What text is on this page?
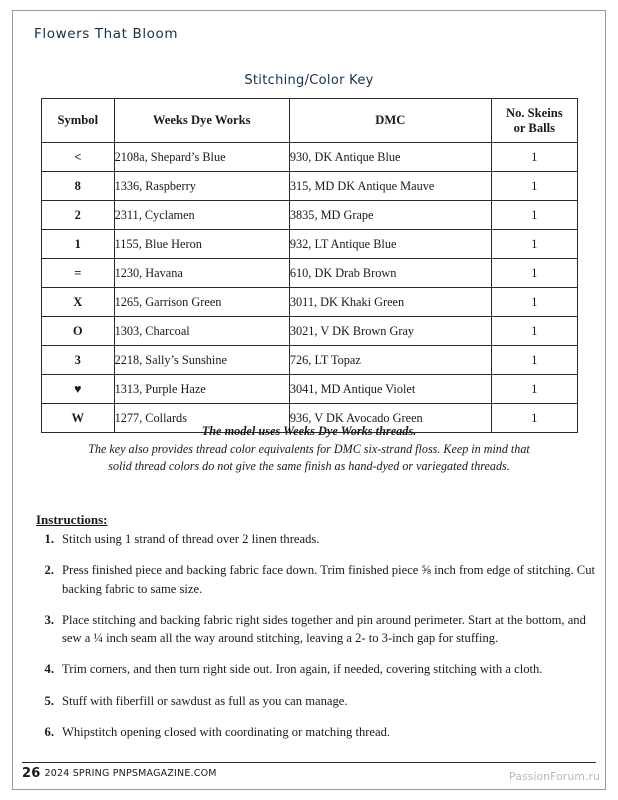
Flowers That Bloom
Stitching/Color Key
Symbol	Weeks Dye Works	DMC	No. Skeins
or Balls
<	2108a, Shepard’s Blue	930, DK Antique Blue	1
8	1336, Raspberry	315, MD DK Antique Mauve	1
2	2311, Cyclamen	3835, MD Grape	1
1	1155, Blue Heron	932, LT Antique Blue	1
=	1230, Havana	610, DK Drab Brown	1
X	1265, Garrison Green	3011, DK Khaki Green	1
O	1303, Charcoal	3021, V DK Brown Gray	1
3	2218, Sally’s Sunshine	726, LT Topaz	1
♥	1313, Purple Haze	3041, MD Antique Violet	1
W	1277, Collards	936, V DK Avocado Green	1
The model uses Weeks Dye Works threads.
The key also provides thread color equivalents for DMC six-strand floss. Keep in mind that solid thread colors do not give the same finish as hand-dyed or variegated threads.
Instructions:
1. Stitch using 1 strand of thread over 2 linen threads.
2. Press finished piece and backing fabric face down. Trim finished piece ⅝ inch from edge of stitching. Cut backing fabric to same size.
3. Place stitching and backing fabric right sides together and pin around perimeter. Start at the bottom, and sew a ¼ inch seam all the way around stitching, leaving a 2- to 3-inch gap for stuffing.
4. Trim corners, and then turn right side out. Iron again, if needed, covering stitching with a cloth.
5. Stuff with fiberfill or sawdust as full as you can manage.
6. Whipstitch opening closed with coordinating or matching thread.
26 2024 SPRING PNPSMAGAZINE.COM	PassionForum.ru
